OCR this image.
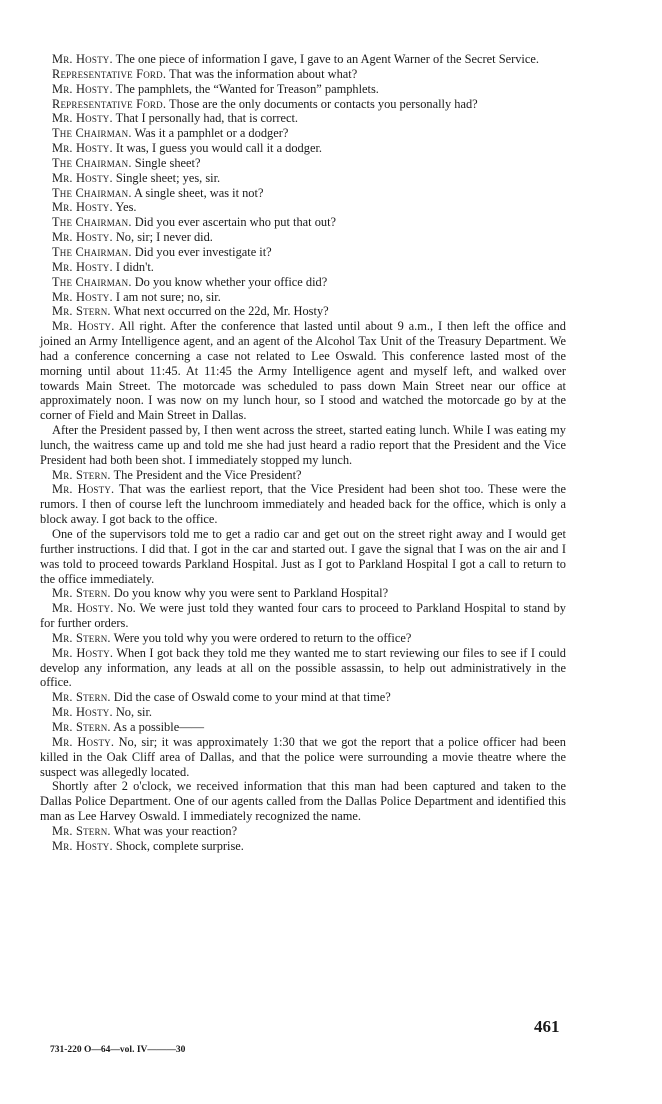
Mr. Hosty. The one piece of information I gave, I gave to an Agent Warner of the Secret Service.

Representative Ford. That was the information about what?

Mr. Hosty. The pamphlets, the “Wanted for Treason” pamphlets.

Representative Ford. Those are the only documents or contacts you personally had?

Mr. Hosty. That I personally had, that is correct.

The Chairman. Was it a pamphlet or a dodger?

Mr. Hosty. It was, I guess you would call it a dodger.

The Chairman. Single sheet?

Mr. Hosty. Single sheet; yes, sir.

The Chairman. A single sheet, was it not?

Mr. Hosty. Yes.

The Chairman. Did you ever ascertain who put that out?

Mr. Hosty. No, sir; I never did.

The Chairman. Did you ever investigate it?

Mr. Hosty. I didn't.

The Chairman. Do you know whether your office did?

Mr. Hosty. I am not sure; no, sir.

Mr. Stern. What next occurred on the 22d, Mr. Hosty?

Mr. Hosty. All right. After the conference that lasted until about 9 a.m., I then left the office and joined an Army Intelligence agent, and an agent of the Alcohol Tax Unit of the Treasury Department. We had a conference concerning a case not related to Lee Oswald. This conference lasted most of the morning until about 11:45. At 11:45 the Army Intelligence agent and myself left, and walked over towards Main Street. The motorcade was scheduled to pass down Main Street near our office at approximately noon. I was now on my lunch hour, so I stood and watched the motorcade go by at the corner of Field and Main Street in Dallas.

After the President passed by, I then went across the street, started eating lunch. While I was eating my lunch, the waitress came up and told me she had just heard a radio report that the President and the Vice President had both been shot. I immediately stopped my lunch.

Mr. Stern. The President and the Vice President?

Mr. Hosty. That was the earliest report, that the Vice President had been shot too. These were the rumors. I then of course left the lunchroom immediately and headed back for the office, which is only a block away. I got back to the office.

One of the supervisors told me to get a radio car and get out on the street right away and I would get further instructions. I did that. I got in the car and started out. I gave the signal that I was on the air and I was told to proceed towards Parkland Hospital. Just as I got to Parkland Hospital I got a call to return to the office immediately.

Mr. Stern. Do you know why you were sent to Parkland Hospital?

Mr. Hosty. No. We were just told they wanted four cars to proceed to Parkland Hospital to stand by for further orders.

Mr. Stern. Were you told why you were ordered to return to the office?

Mr. Hosty. When I got back they told me they wanted me to start reviewing our files to see if I could develop any information, any leads at all on the possible assassin, to help out administratively in the office.

Mr. Stern. Did the case of Oswald come to your mind at that time?

Mr. Hosty. No, sir.

Mr. Stern. As a possible——

Mr. Hosty. No, sir; it was approximately 1:30 that we got the report that a police officer had been killed in the Oak Cliff area of Dallas, and that the police were surrounding a movie theatre where the suspect was allegedly located.

Shortly after 2 o'clock, we received information that this man had been captured and taken to the Dallas Police Department. One of our agents called from the Dallas Police Department and identified this man as Lee Harvey Oswald. I immediately recognized the name.

Mr. Stern. What was your reaction?

Mr. Hosty. Shock, complete surprise.

461
731-220 O—64—vol. IV———30
